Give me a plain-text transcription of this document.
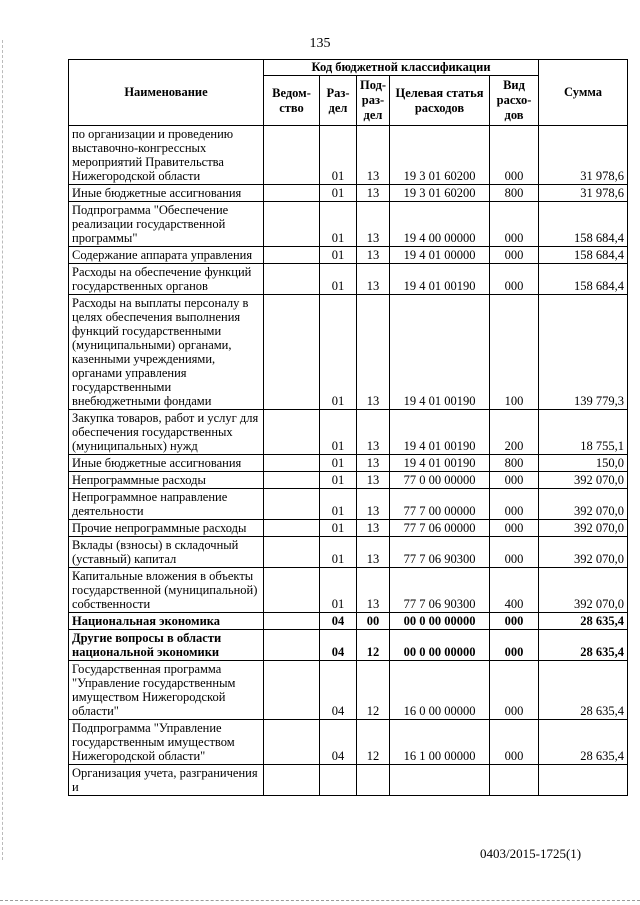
135
Наименование	Код бюджетной классификации					Сумма
	Ведом-ство	Раз-дел	Под-раз-дел	Целевая статья расходов	Вид расхо-дов	
по организации и проведению выставочно-конгрессных мероприятий Правительства Нижегородской области		01	13	19 3 01 60200	000	31 978,6
Иные бюджетные ассигнования		01	13	19 3 01 60200	800	31 978,6
Подпрограмма "Обеспечение реализации государственной программы"		01	13	19 4 00 00000	000	158 684,4
Содержание аппарата управления		01	13	19 4 01 00000	000	158 684,4
Расходы на обеспечение функций государственных органов		01	13	19 4 01 00190	000	158 684,4
Расходы на выплаты персоналу в целях обеспечения выполнения функций государственными (муниципальными) органами, казенными учреждениями, органами управления государственными внебюджетными фондами		01	13	19 4 01 00190	100	139 779,3
Закупка товаров, работ и услуг для обеспечения государственных (муниципальных) нужд		01	13	19 4 01 00190	200	18 755,1
Иные бюджетные ассигнования		01	13	19 4 01 00190	800	150,0
Непрограммные расходы		01	13	77 0 00 00000	000	392 070,0
Непрограммное направление деятельности		01	13	77 7 00 00000	000	392 070,0
Прочие непрограммные расходы		01	13	77 7 06 00000	000	392 070,0
Вклады (взносы) в складочный (уставный) капитал		01	13	77 7 06 90300	000	392 070,0
Капитальные вложения в объекты государственной (муниципальной) собственности		01	13	77 7 06 90300	400	392 070,0
Национальная экономика		04	00	00 0 00 00000	000	28 635,4
Другие вопросы в области национальной экономики		04	12	00 0 00 00000	000	28 635,4
Государственная программа "Управление государственным имуществом Нижегородской области"		04	12	16 0 00 00000	000	28 635,4
Подпрограмма "Управление государственным имуществом Нижегородской области"		04	12	16 1 00 00000	000	28 635,4
Организация учета, разграничения и						
0403/2015-1725(1)
